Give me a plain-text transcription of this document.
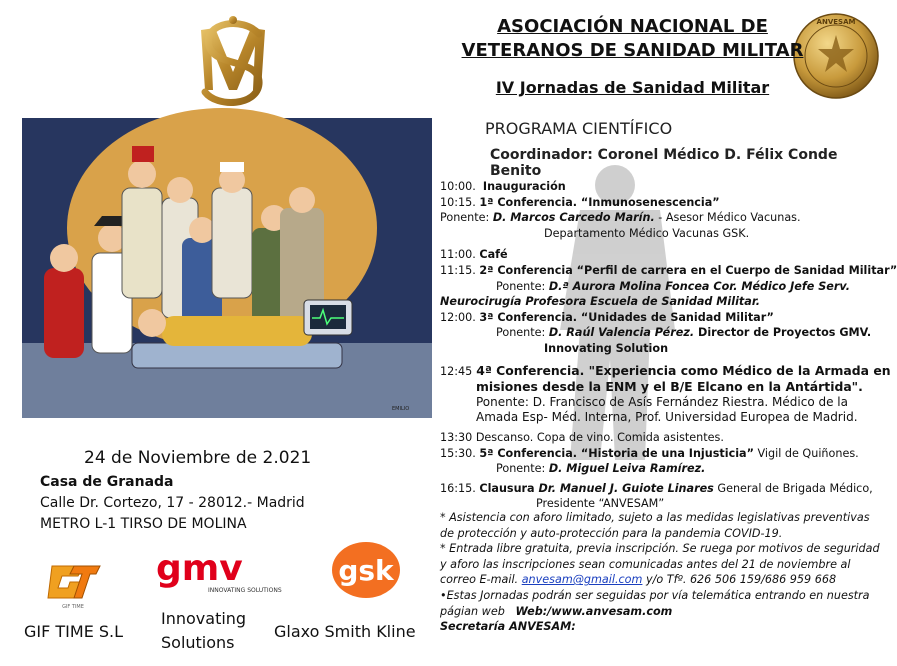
ANVESAM
ASOCIACIÓN NACIONAL DE
VETERANOS DE SANIDAD MILITAR
IV Jornadas de Sanidad Militar
PROGRAMA CIENTÍFICO
Coordinador: Coronel Médico D. Félix Conde Benito
EMILIO
10:00. Inauguración
10:15. 1ª Conferencia. “Inmunosenescencia”
Ponente: D. Marcos Carcedo Marín. - Asesor Médico Vacunas.
Departamento Médico Vacunas GSK.
11:00. Café
11:15. 2ª Conferencia “Perfil de carrera en el Cuerpo de Sanidad Militar”
Ponente: D.ª Aurora Molina Foncea Cor. Médico Jefe Serv.
Neurocirugía Profesora Escuela de Sanidad Militar.
12:00. 3ª Conferencia. “Unidades de Sanidad Militar”
Ponente: D. Raúl Valencia Pérez. Director de Proyectos GMV.
Innovating Solution
12:45 4ª Conferencia. "Experiencia como Médico de la Armada en
misiones desde la ENM y el B/E Elcano en la Antártida".
Ponente: D. Francisco de Asís Fernández Riestra. Médico de la
Amada Esp- Méd. Interna, Prof. Universidad Europea de Madrid.
13:30 Descanso. Copa de vino. Comida asistentes.
15:30. 5ª Conferencia. “Historia de una Injusticia” Vigil de Quiñones.
Ponente: D. Miguel Leiva Ramírez.
16:15. Clausura Dr. Manuel J. Guiote Linares General de Brigada Médico,
Presidente “ANVESAM”
* Asistencia con aforo limitado, sujeto a las medidas legislativas preventivas
de protección y auto-protección para la pandemia COVID-19.
* Entrada libre gratuita, previa inscripción. Se ruega por motivos de seguridad
y aforo las inscripciones sean comunicadas antes del 21 de noviembre al
correo E-mail. anvesam@gmail.com y/o Tfº. 626 506 159/686 959 668
•Estas Jornadas podrán ser seguidas por vía telemática entrando en nuestra
págian web Web:/www.anvesam.com
Secretaría ANVESAM:
24 de Noviembre de 2.021
Casa de Granada
Calle Dr. Cortezo, 17 - 28012.- Madrid
METRO L-1 TIRSO DE MOLINA
GIF TIME
GIF TIME S.L
gmv
INNOVATING SOLUTIONS
Innovating
Solutions
gsk
Glaxo Smith Kline
